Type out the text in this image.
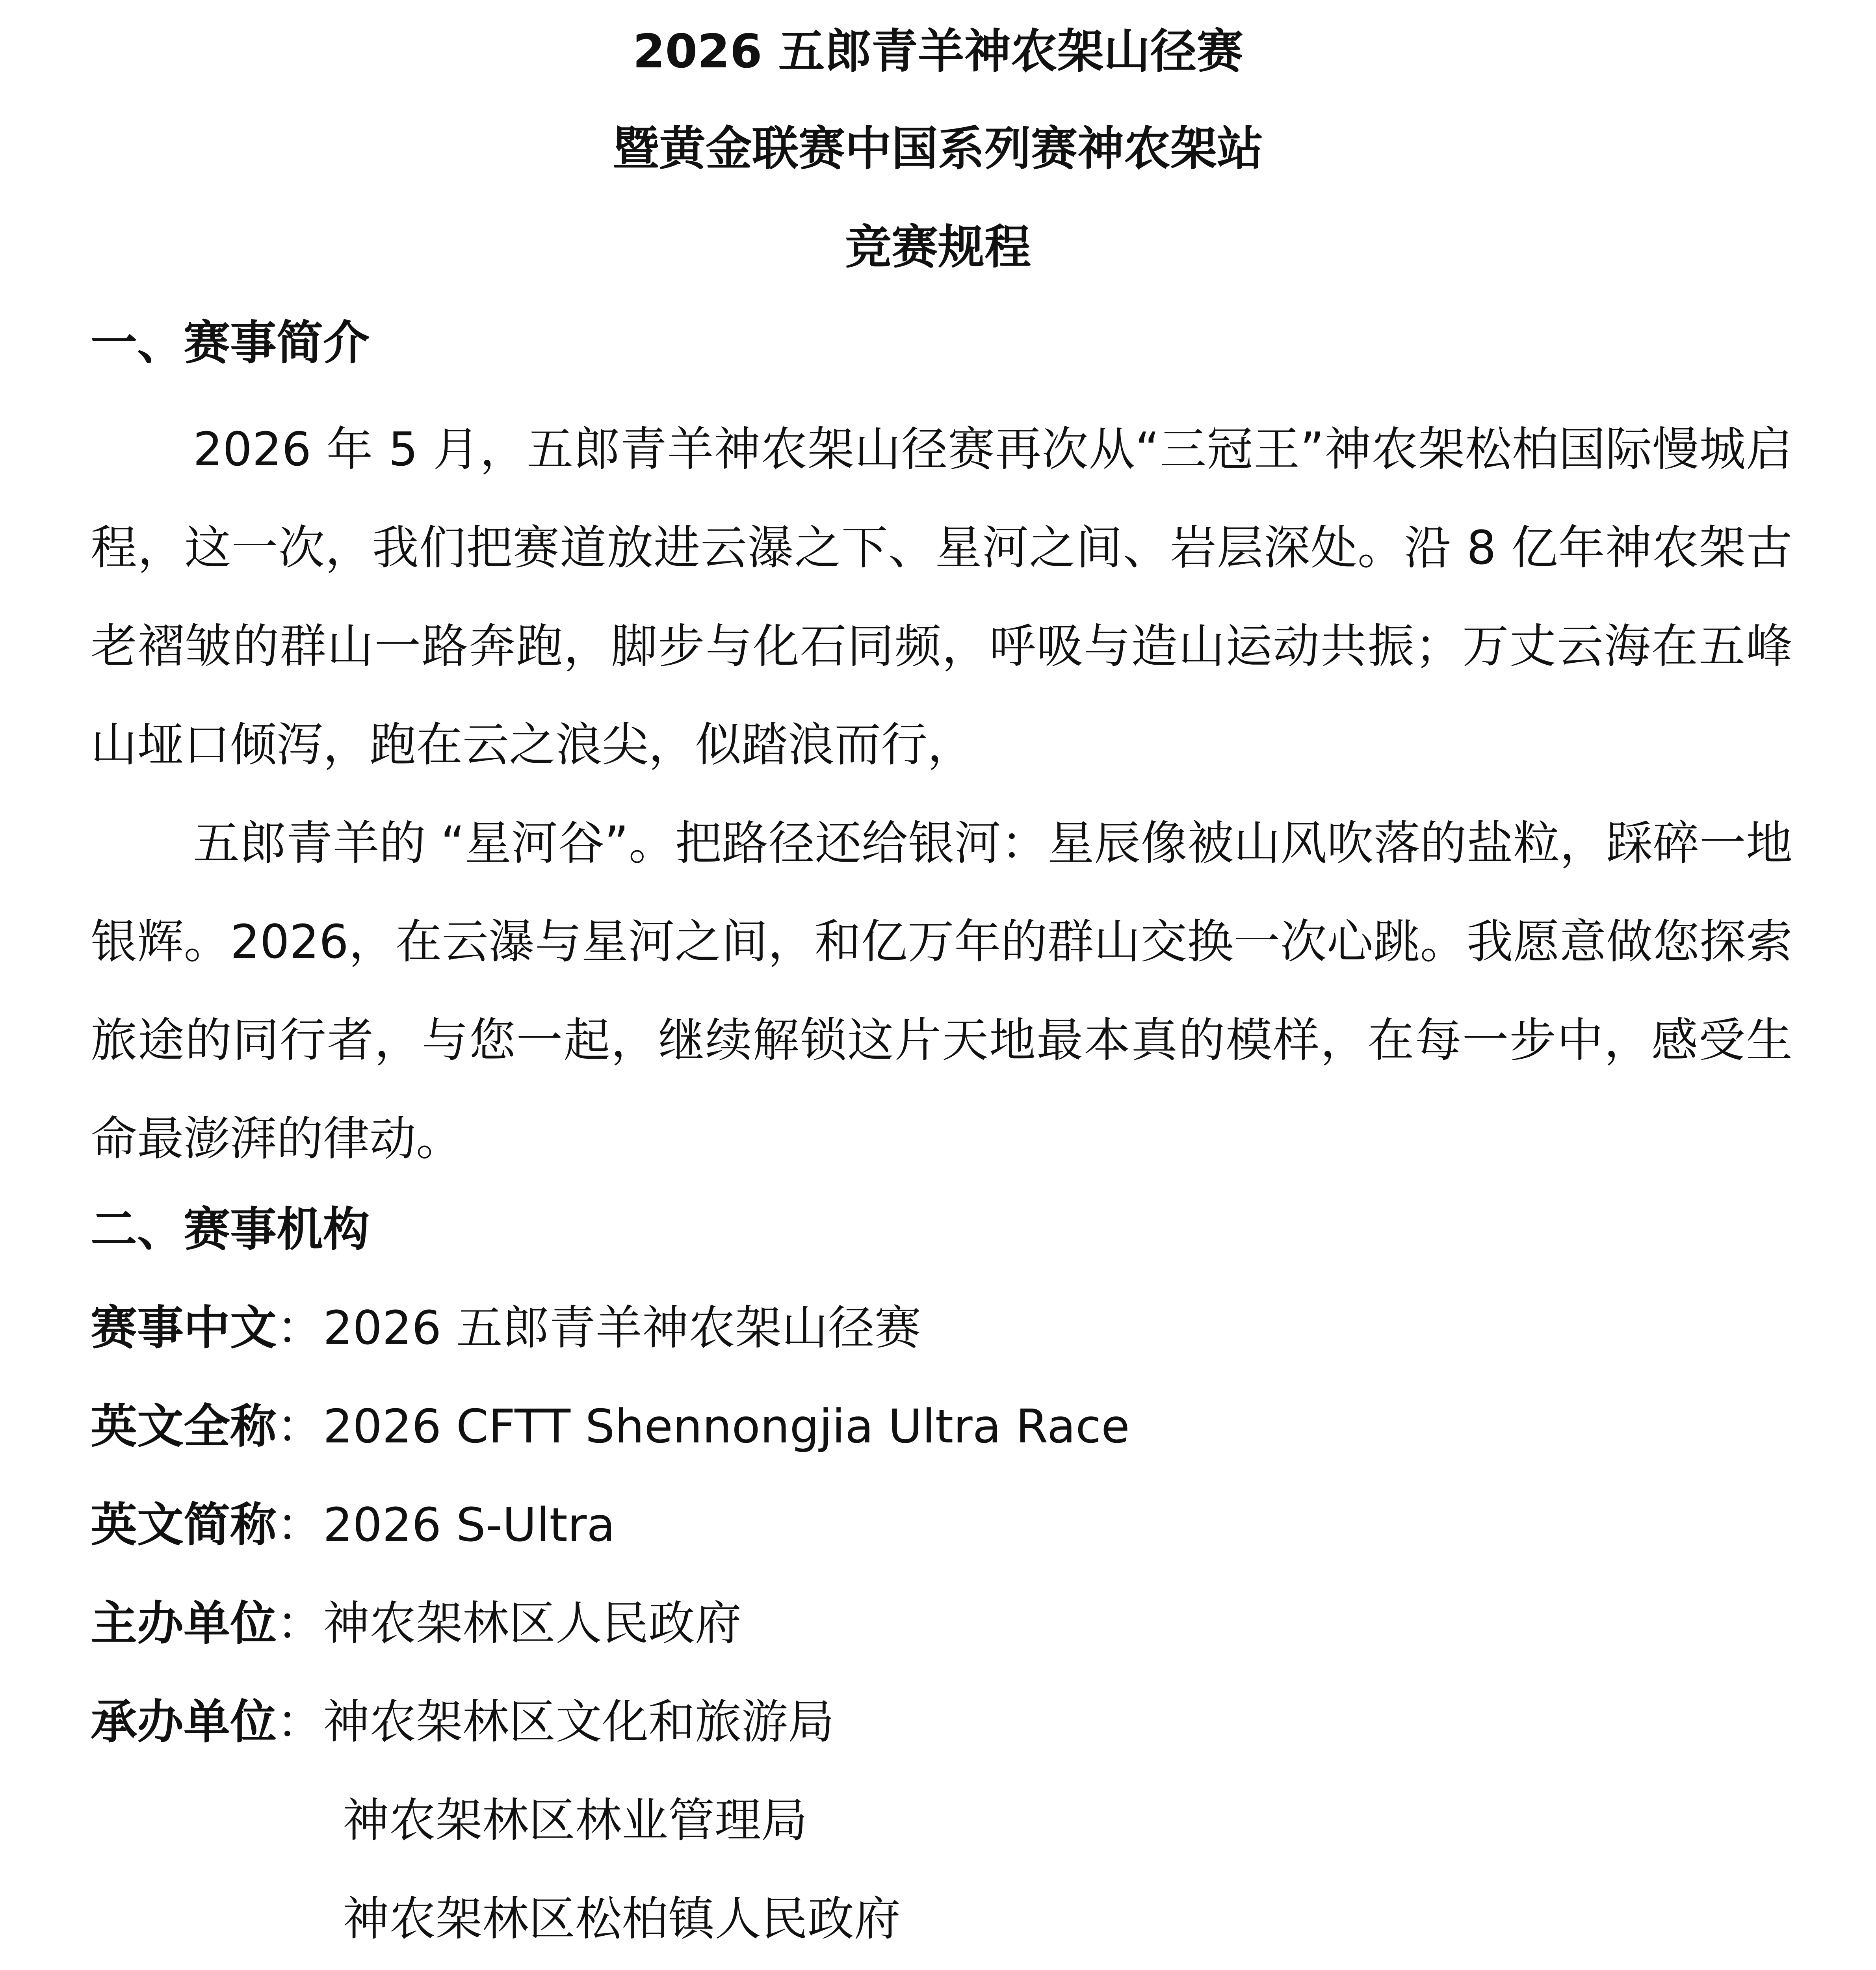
2026 五郎青羊神农架山径赛
暨黄金联赛中国系列赛神农架站
竞赛规程
一、赛事简介
2026 年 5 月，五郎青羊神农架山径赛再次从“三冠王”神农架松柏国际慢城启程，这一次，我们把赛道放进云瀑之下、星河之间、岩层深处。沿 8 亿年神农架古老褶皱的群山一路奔跑，脚步与化石同频，呼吸与造山运动共振；万丈云海在五峰山垭口倾泻，跑在云之浪尖，似踏浪而行，
五郎青羊的 “星河谷”。把路径还给银河：星辰像被山风吹落的盐粒，踩碎一地银辉。2026，在云瀑与星河之间，和亿万年的群山交换一次心跳。我愿意做您探索旅途的同行者，与您一起，继续解锁这片天地最本真的模样，在每一步中，感受生命最澎湃的律动。
二、赛事机构
赛事中文：2026 五郎青羊神农架山径赛
英文全称：2026 CFTT Shennongjia Ultra Race
英文简称：2026 S-Ultra
主办单位：神农架林区人民政府
承办单位：神农架林区文化和旅游局
神农架林区林业管理局
神农架林区松柏镇人民政府
